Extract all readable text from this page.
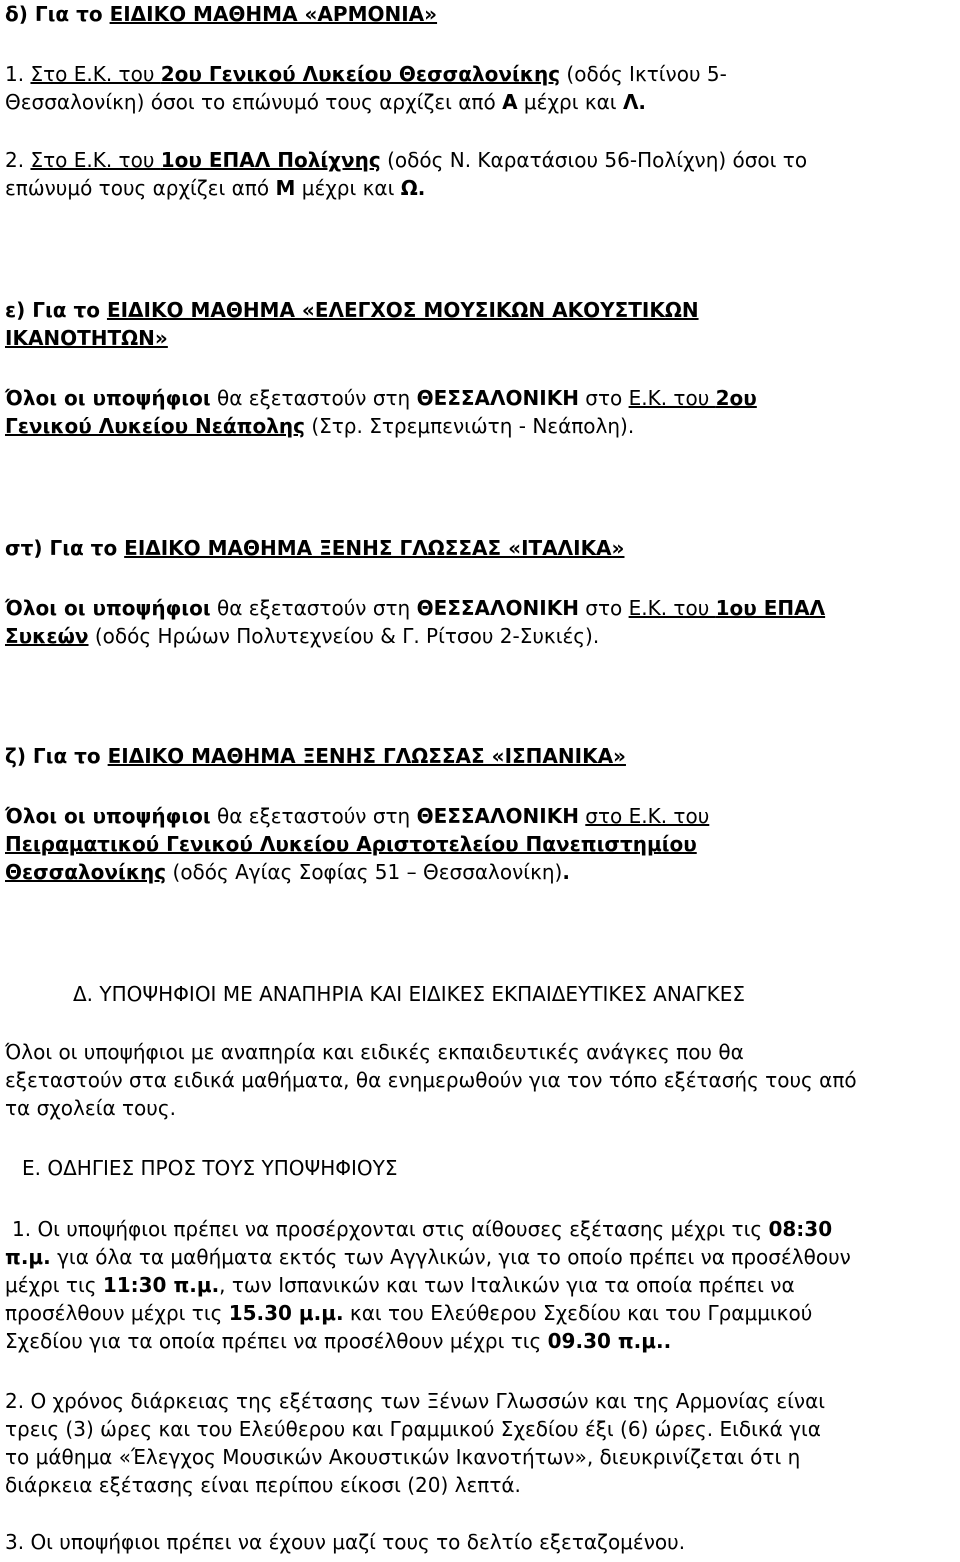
δ) Για το ΕΙΔΙΚΟ ΜΑΘΗΜΑ «ΑΡΜΟΝΙΑ»

1. Στο Ε.Κ. του 2ου Γενικού Λυκείου Θεσσαλονίκης (οδός Ικτίνου 5-
Θεσσαλονίκη) όσοι το επώνυμό τους αρχίζει από Α μέχρι και Λ.

2. Στο Ε.Κ. του 1ου ΕΠΑΛ Πολίχνης (οδός Ν. Καρατάσιου 56-Πολίχνη) όσοι το
επώνυμό τους αρχίζει από Μ μέχρι και Ω.

ε) Για το ΕΙΔΙΚΟ ΜΑΘΗΜΑ «ΕΛΕΓΧΟΣ ΜΟΥΣΙΚΩΝ ΑΚΟΥΣΤΙΚΩΝ
ΙΚΑΝΟΤΗΤΩΝ»

Όλοι οι υποψήφιοι θα εξεταστούν στη ΘΕΣΣΑΛΟΝΙΚΗ στο Ε.Κ. του 2ου
Γενικού Λυκείου Νεάπολης (Στρ. Στρεμπενιώτη - Νεάπολη).

στ) Για το ΕΙΔΙΚΟ ΜΑΘΗΜΑ ΞΕΝΗΣ ΓΛΩΣΣΑΣ «ΙΤΑΛΙΚΑ»

Όλοι οι υποψήφιοι θα εξεταστούν στη ΘΕΣΣΑΛΟΝΙΚΗ στο Ε.Κ. του 1ου ΕΠΑΛ
Συκεών (οδός Ηρώων Πολυτεχνείου & Γ. Ρίτσου 2-Συκιές).

ζ) Για το ΕΙΔΙΚΟ ΜΑΘΗΜΑ ΞΕΝΗΣ ΓΛΩΣΣΑΣ «ΙΣΠΑΝΙΚΑ»

Όλοι οι υποψήφιοι θα εξεταστούν στη ΘΕΣΣΑΛΟΝΙΚΗ στο Ε.Κ. του
Πειραματικού Γενικού Λυκείου Αριστοτελείου Πανεπιστημίου
Θεσσαλονίκης (οδός Αγίας Σοφίας 51 – Θεσσαλονίκη).

Δ. ΥΠΟΨΗΦΙΟΙ ΜΕ ΑΝΑΠΗΡΙΑ ΚΑΙ ΕΙΔΙΚΕΣ ΕΚΠΑΙΔΕΥΤΙΚΕΣ ΑΝΑΓΚΕΣ

Όλοι οι υποψήφιοι με αναπηρία και ειδικές εκπαιδευτικές ανάγκες που θα
εξεταστούν στα ειδικά μαθήματα, θα ενημερωθούν για τον τόπο εξέτασής τους από
τα σχολεία τους.

Ε. ΟΔΗΓΙΕΣ ΠΡΟΣ ΤΟΥΣ ΥΠΟΨΗΦΙΟΥΣ

1. Οι υποψήφιοι πρέπει να προσέρχονται στις αίθουσες εξέτασης μέχρι τις 08:30
π.μ. για όλα τα μαθήματα εκτός των Αγγλικών, για το οποίο πρέπει να προσέλθουν
μέχρι τις 11:30 π.μ., των Ισπανικών και των Ιταλικών για τα οποία πρέπει να
προσέλθουν μέχρι τις 15.30 μ.μ. και του Ελεύθερου Σχεδίου και του Γραμμικού
Σχεδίου για τα οποία πρέπει να προσέλθουν μέχρι τις 09.30 π.μ..

2. Ο χρόνος διάρκειας της εξέτασης των Ξένων Γλωσσών και της Αρμονίας είναι
τρεις (3) ώρες και του Ελεύθερου και Γραμμικού Σχεδίου έξι (6) ώρες. Ειδικά για
το μάθημα «Έλεγχος Μουσικών Ακουστικών Ικανοτήτων», διευκρινίζεται ότι η
διάρκεια εξέτασης είναι περίπου είκοσι (20) λεπτά.

3. Οι υποψήφιοι πρέπει να έχουν μαζί τους το δελτίο εξεταζομένου.
